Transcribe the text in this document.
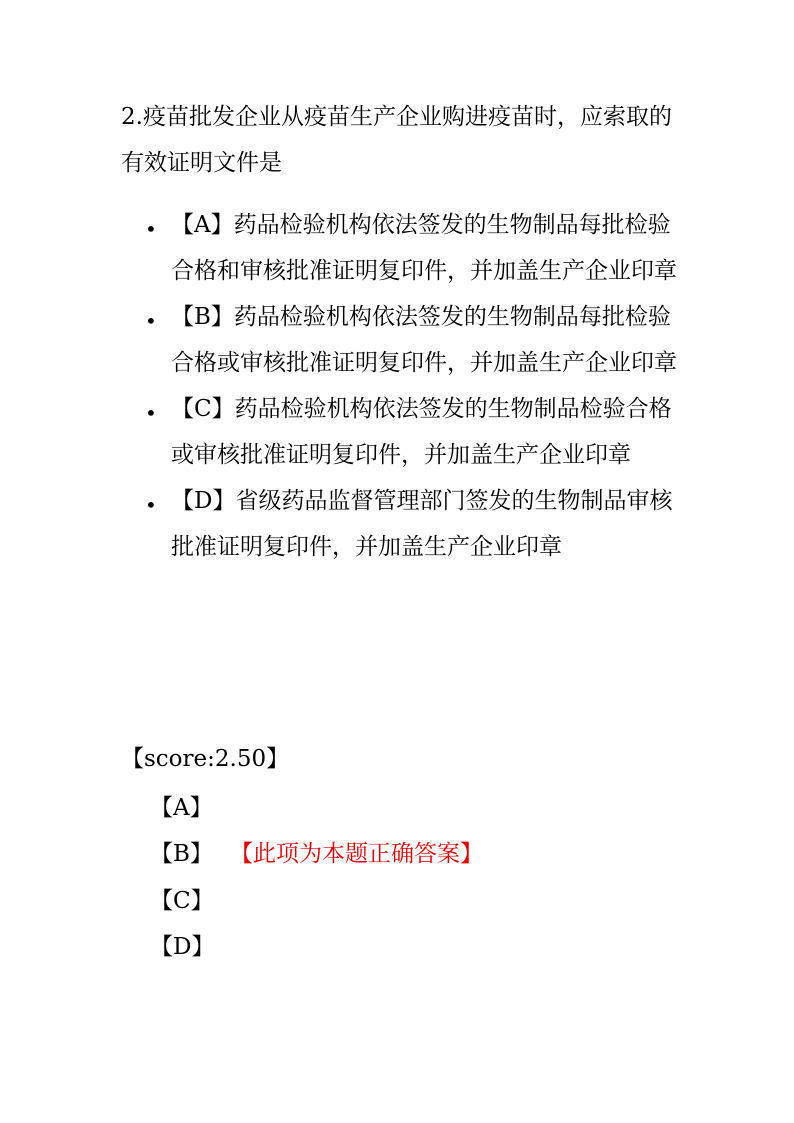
2.疫苗批发企业从疫苗生产企业购进疫苗时，应索取的有效证明文件是

• 【A】药品检验机构依法签发的生物制品每批检验合格和审核批准证明复印件，并加盖生产企业印章
• 【B】药品检验机构依法签发的生物制品每批检验合格或审核批准证明复印件，并加盖生产企业印章
• 【C】药品检验机构依法签发的生物制品检验合格或审核批准证明复印件，并加盖生产企业印章
• 【D】省级药品监督管理部门签发的生物制品审核批准证明复印件，并加盖生产企业印章
【score:2.50】
【A】
【B】 【此项为本题正确答案】
【C】
【D】
